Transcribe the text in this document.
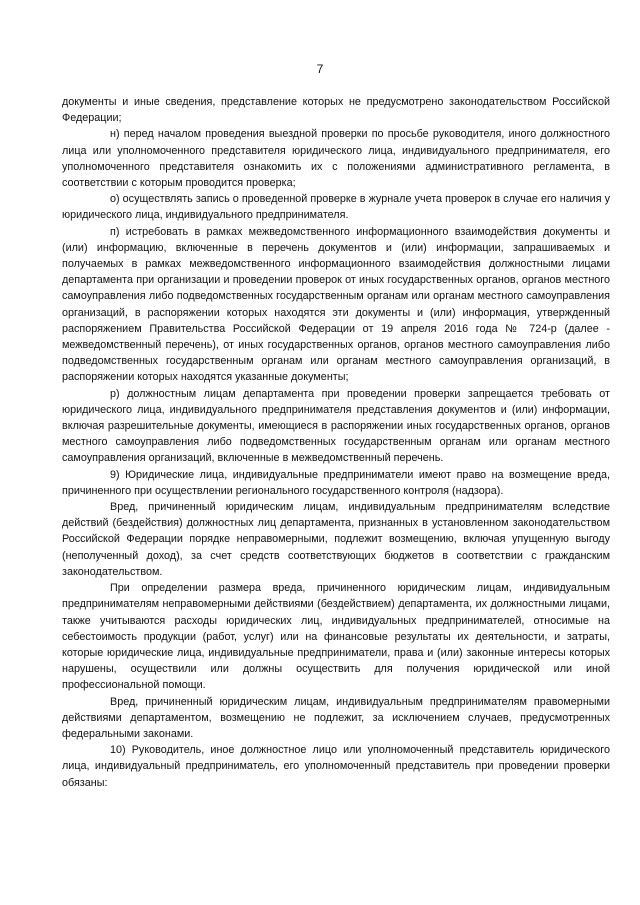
7

документы и иные сведения, представление которых не предусмотрено законодательством Российской Федерации;

н) перед началом проведения выездной проверки по просьбе руководителя, иного должностного лица или уполномоченного представителя юридического лица, индивидуального предпринимателя, его уполномоченного представителя ознакомить их с положениями административного регламента, в соответствии с которым проводится проверка;

о) осуществлять запись о проведенной проверке в журнале учета проверок в случае его наличия у юридического лица, индивидуального предпринимателя.

п) истребовать в рамках межведомственного информационного взаимодействия документы и (или) информацию, включенные в перечень документов и (или) информации, запрашиваемых и получаемых в рамках межведомственного информационного взаимодействия должностными лицами департамента при организации и проведении проверок от иных государственных органов, органов местного самоуправления либо подведомственных государственным органам или органам местного самоуправления организаций, в распоряжении которых находятся эти документы и (или) информация, утвержденный распоряжением Правительства Российской Федерации от 19 апреля 2016 года № 724-р (далее - межведомственный перечень), от иных государственных органов, органов местного самоуправления либо подведомственных государственным органам или органам местного самоуправления организаций, в распоряжении которых находятся указанные документы;

р) должностным лицам департамента при проведении проверки запрещается требовать от юридического лица, индивидуального предпринимателя представления документов и (или) информации, включая разрешительные документы, имеющиеся в распоряжении иных государственных органов, органов местного самоуправления либо подведомственных государственным органам или органам местного самоуправления организаций, включенные в межведомственный перечень.

9) Юридические лица, индивидуальные предприниматели имеют право на возмещение вреда, причиненного при осуществлении регионального государственного контроля (надзора).

Вред, причиненный юридическим лицам, индивидуальным предпринимателям вследствие действий (бездействия) должностных лиц департамента, признанных в установленном законодательством Российской Федерации порядке неправомерными, подлежит возмещению, включая упущенную выгоду (неполученный доход), за счет средств соответствующих бюджетов в соответствии с гражданским законодательством.

При определении размера вреда, причиненного юридическим лицам, индивидуальным предпринимателям неправомерными действиями (бездействием) департамента, их должностными лицами, также учитываются расходы юридических лиц, индивидуальных предпринимателей, относимые на себестоимость продукции (работ, услуг) или на финансовые результаты их деятельности, и затраты, которые юридические лица, индивидуальные предприниматели, права и (или) законные интересы которых нарушены, осуществили или должны осуществить для получения юридической или иной профессиональной помощи.

Вред, причиненный юридическим лицам, индивидуальным предпринимателям правомерными действиями департаментом, возмещению не подлежит, за исключением случаев, предусмотренных федеральными законами.

10) Руководитель, иное должностное лицо или уполномоченный представитель юридического лица, индивидуальный предприниматель, его уполномоченный представитель при проведении проверки обязаны:
